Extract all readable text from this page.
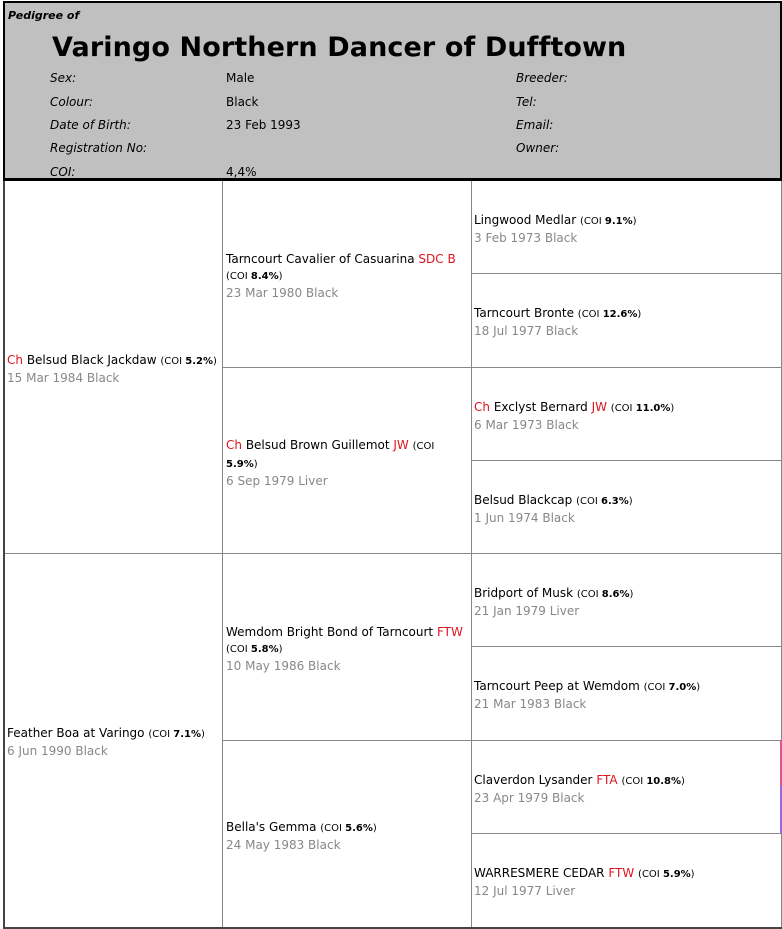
Pedigree of
Varingo Northern Dancer of Dufftown
Sex:	Male	Breeder:
Colour:	Black	Tel:
Date of Birth:	23 Feb 1993	Email:
Registration No:	Owner:
COI:	4,4%
Ch Belsud Black Jackdaw (COI 5.2%)
15 Mar 1984 Black
Feather Boa at Varingo (COI 7.1%)
6 Jun 1990 Black
Tarncourt Cavalier of Casuarina SDC B (COI 8.4%)
23 Mar 1980 Black
Ch Belsud Brown Guillemot JW (COI 5.9%)
6 Sep 1979 Liver
Wemdom Bright Bond of Tarncourt FTW (COI 5.8%)
10 May 1986 Black
Bella's Gemma (COI 5.6%)
24 May 1983 Black
Lingwood Medlar (COI 9.1%)
3 Feb 1973 Black
Tarncourt Bronte (COI 12.6%)
18 Jul 1977 Black
Ch Exclyst Bernard JW (COI 11.0%)
6 Mar 1973 Black
Belsud Blackcap (COI 6.3%)
1 Jun 1974 Black
Bridport of Musk (COI 8.6%)
21 Jan 1979 Liver
Tarncourt Peep at Wemdom (COI 7.0%)
21 Mar 1983 Black
Claverdon Lysander FTA (COI 10.8%)
23 Apr 1979 Black
WARRESMERE CEDAR FTW (COI 5.9%)
12 Jul 1977 Liver
